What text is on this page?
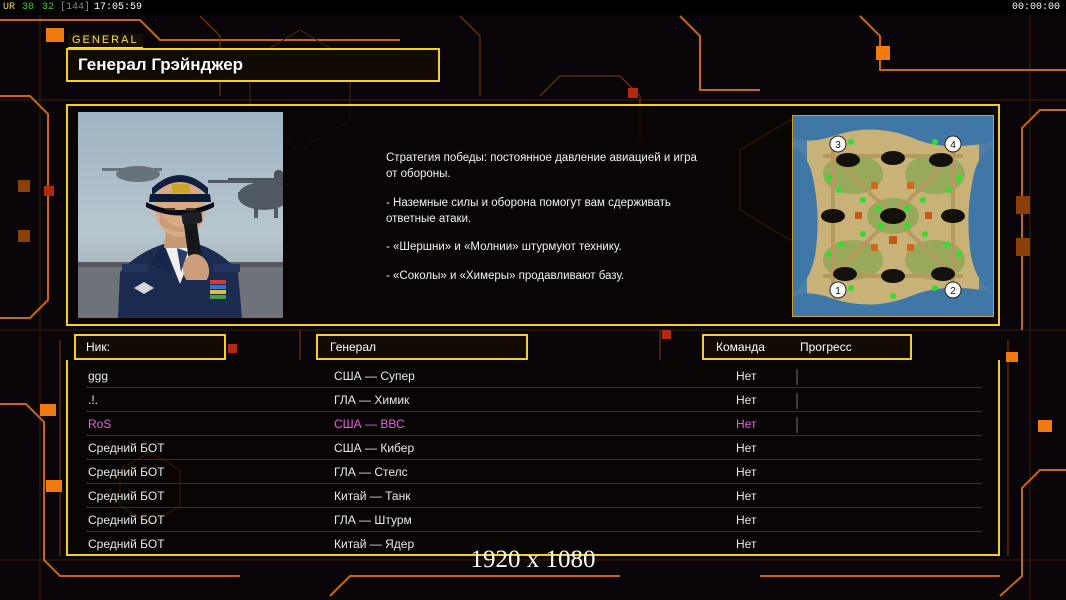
UR 30 32 [144] 17:05:59	00:00:00
GENERAL
Генерал Грэйнджер

Стратегия победы: постоянное давление авиацией и игра от обороны.

- Наземные силы и оборона помогут вам сдерживать ответные атаки.

- «Шершни» и «Молнии» штурмуют технику.

- «Соколы» и «Химеры» продавливают базу.

3	4
1	2
Ник:	Генерал	Команда	Прогресс
ggg	США — Супер	Нет
.!.	ГЛА — Химик	Нет
RoS	США — ВВС	Нет
Средний БОТ	США — Кибер	Нет
Средний БОТ	ГЛА — Стелс	Нет
Средний БОТ	Китай — Танк	Нет
Средний БОТ	ГЛА — Штурм	Нет
Средний БОТ	Китай — Ядер	Нет
1920 x 1080
